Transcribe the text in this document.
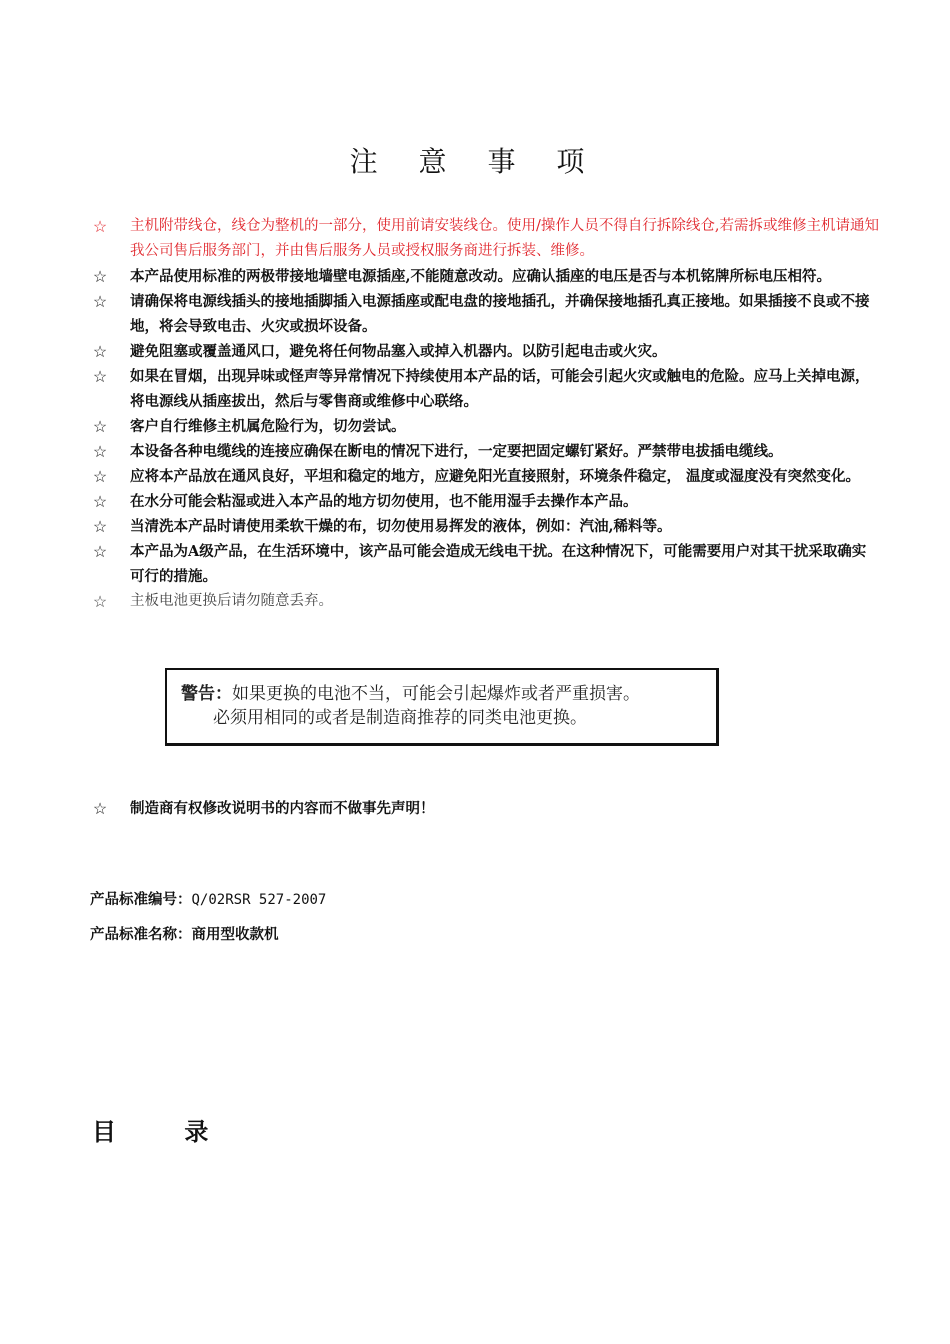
注 意 事 项
☆ 主机附带线仓，线仓为整机的一部分，使用前请安装线仓。使用/操作人员不得自行拆除线仓,若需拆或维修主机请通知我公司售后服务部门，并由售后服务人员或授权服务商进行拆装、维修。
☆ 本产品使用标准的两极带接地墙壁电源插座,不能随意改动。应确认插座的电压是否与本机铭牌所标电压相符。
☆ 请确保将电源线插头的接地插脚插入电源插座或配电盘的接地插孔，并确保接地插孔真正接地。如果插接不良或不接地，将会导致电击、火灾或损坏设备。
☆ 避免阻塞或覆盖通风口，避免将任何物品塞入或掉入机器内。以防引起电击或火灾。
☆ 如果在冒烟，出现异味或怪声等异常情况下持续使用本产品的话，可能会引起火灾或触电的危险。应马上关掉电源，将电源线从插座拔出，然后与零售商或维修中心联络。
☆ 客户自行维修主机属危险行为，切勿尝试。
☆ 本设备各种电缆线的连接应确保在断电的情况下进行，一定要把固定螺钉紧好。严禁带电拔插电缆线。
☆ 应将本产品放在通风良好，平坦和稳定的地方，应避免阳光直接照射，环境条件稳定， 温度或湿度没有突然变化。
☆ 在水分可能会粘湿或进入本产品的地方切勿使用，也不能用湿手去操作本产品。
☆ 当清洗本产品时请使用柔软干燥的布，切勿使用易挥发的液体，例如：汽油,稀料等。
☆ 本产品为A级产品，在生活环境中，该产品可能会造成无线电干扰。在这种情况下，可能需要用户对其干扰采取确实可行的措施。
☆ 主板电池更换后请勿随意丢弃。
警告：如果更换的电池不当，可能会引起爆炸或者严重损害。
必须用相同的或者是制造商推荐的同类电池更换。
☆ 制造商有权修改说明书的内容而不做事先声明！
产品标准编号：Q/02RSR 527-2007
产品标准名称：商用型收款机
目 录
